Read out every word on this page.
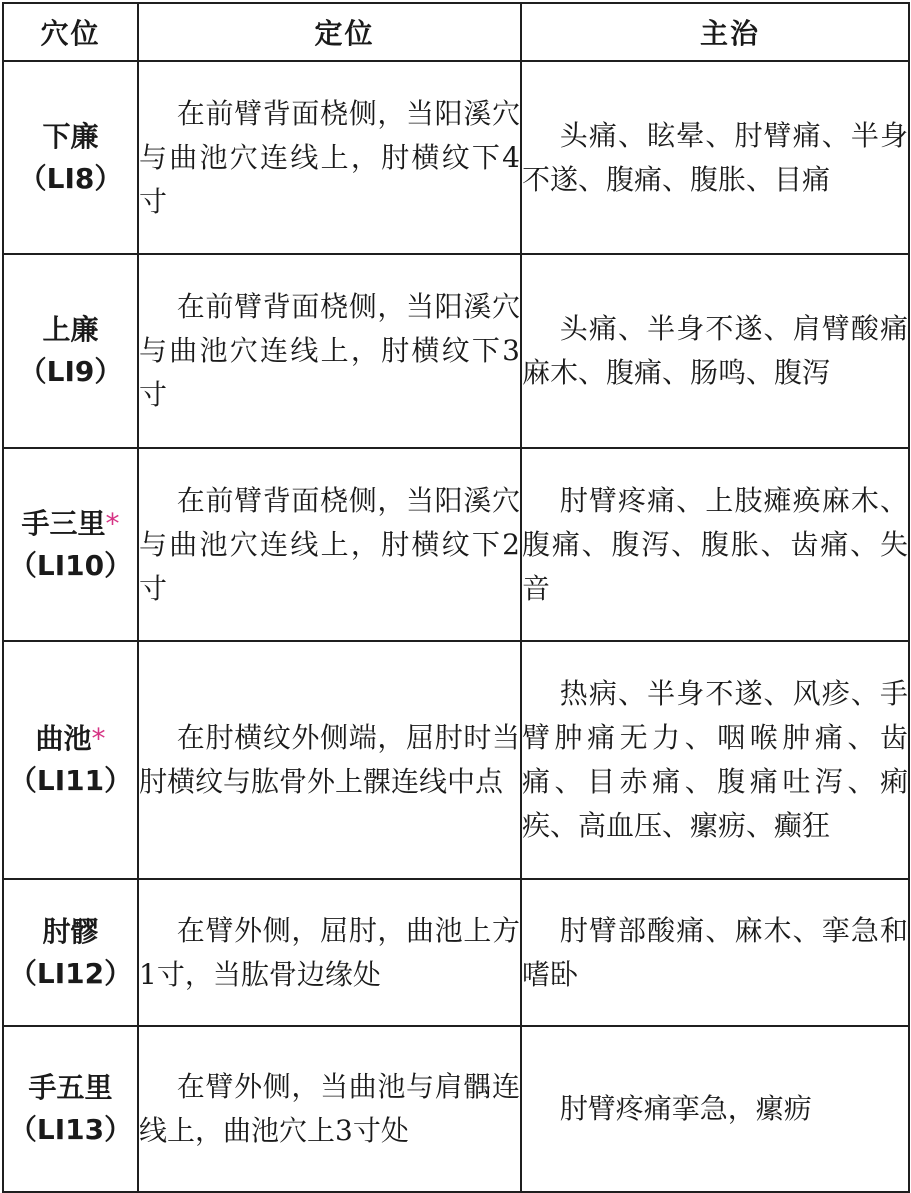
穴位	定位	主治

下廉
（LI8）	在前臂背面桡侧，当阳溪穴与曲池穴连线上，肘横纹下4寸	头痛、眩晕、肘臂痛、半身不遂、腹痛、腹胀、目痛

上廉
（LI9）	在前臂背面桡侧，当阳溪穴与曲池穴连线上，肘横纹下3寸	头痛、半身不遂、肩臂酸痛麻木、腹痛、肠鸣、腹泻

手三里*
（LI10）	在前臂背面桡侧，当阳溪穴与曲池穴连线上，肘横纹下2寸	肘臂疼痛、上肢瘫痪麻木、腹痛、腹泻、腹胀、齿痛、失音

曲池*
（LI11）	在肘横纹外侧端，屈肘时当肘横纹与肱骨外上髁连线中点	热病、半身不遂、风疹、手臂肿痛无力、咽喉肿痛、齿痛、目赤痛、腹痛吐泻、痢疾、高血压、瘰疬、癫狂

肘髎
（LI12）	在臂外侧，屈肘，曲池上方1寸，当肱骨边缘处	肘臂部酸痛、麻木、挛急和嗜卧

手五里
（LI13）	在臂外侧，当曲池与肩髃连线上，曲池穴上3寸处	肘臂疼痛挛急，瘰疬
